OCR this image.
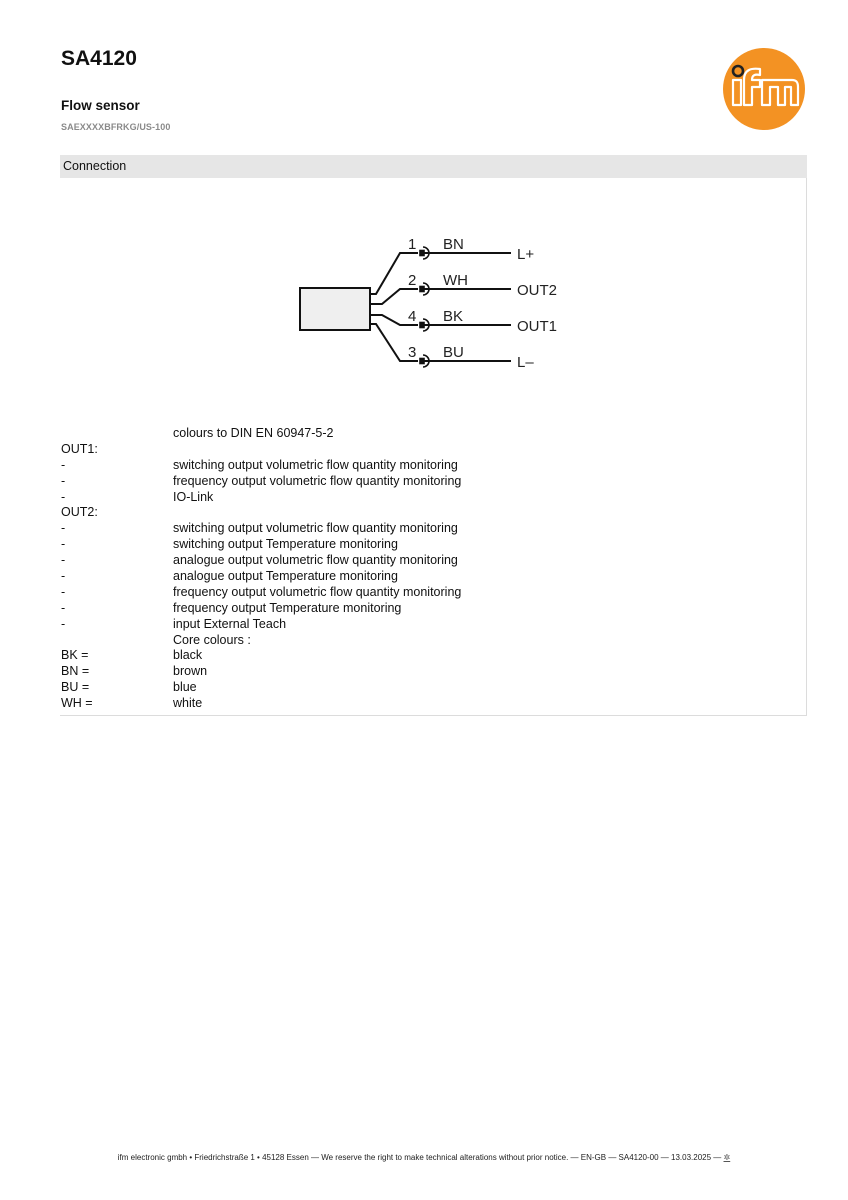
SA4120
Flow sensor
SAEXXXXBFRKG/US-100
Connection
1 BN
L+
2 WH
OUT2
4 BK
OUT1
3 BU
L–
colours to DIN EN 60947-5-2
OUT1:
-	switching output volumetric flow quantity monitoring
-	frequency output volumetric flow quantity monitoring
-	IO-Link
OUT2:
-	switching output volumetric flow quantity monitoring
-	switching output Temperature monitoring
-	analogue output volumetric flow quantity monitoring
-	analogue output Temperature monitoring
-	frequency output volumetric flow quantity monitoring
-	frequency output Temperature monitoring
-	input External Teach
Core colours :
BK =	black
BN =	brown
BU =	blue
WH =	white
ifm electronic gmbh • Friedrichstraße 1 • 45128 Essen — We reserve the right to make technical alterations without prior notice. — EN-GB — SA4120-00 — 13.03.2025 — ✲
